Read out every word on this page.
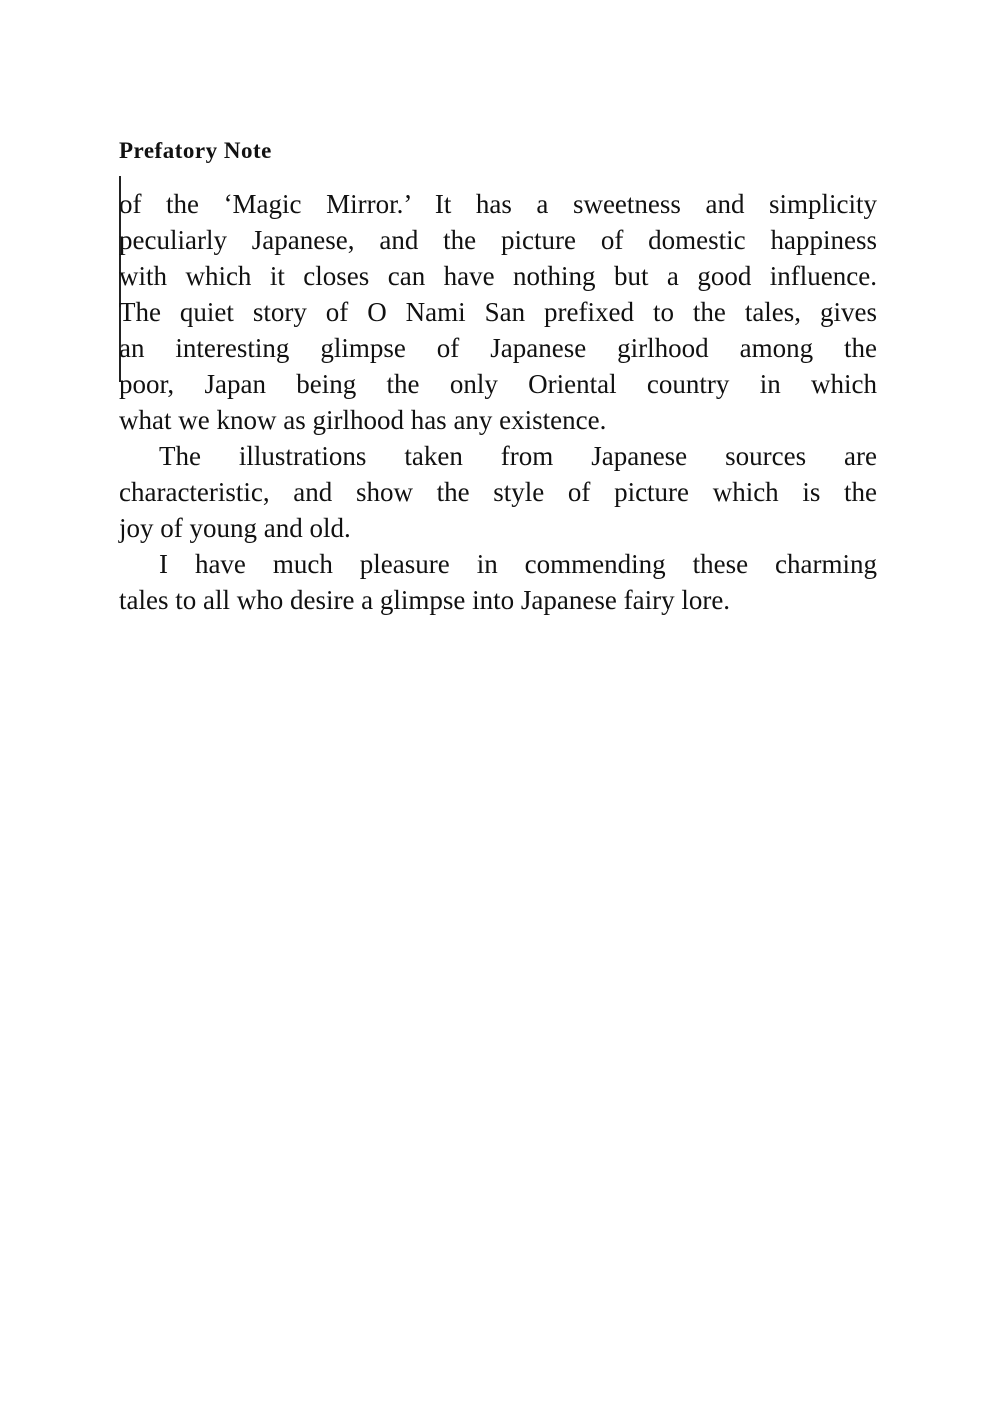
Prefatory Note
of the ‘Magic Mirror.’ It has a sweetness and simplicity
peculiarly Japanese, and the picture of domestic happiness
with which it closes can have nothing but a good influence.
The quiet story of O Nami San prefixed to the tales, gives
an interesting glimpse of Japanese girlhood among the
poor, Japan being the only Oriental country in which
what we know as girlhood has any existence.
The illustrations taken from Japanese sources are
characteristic, and show the style of picture which is the
joy of young and old.
I have much pleasure in commending these charming
tales to all who desire a glimpse into Japanese fairy lore.
